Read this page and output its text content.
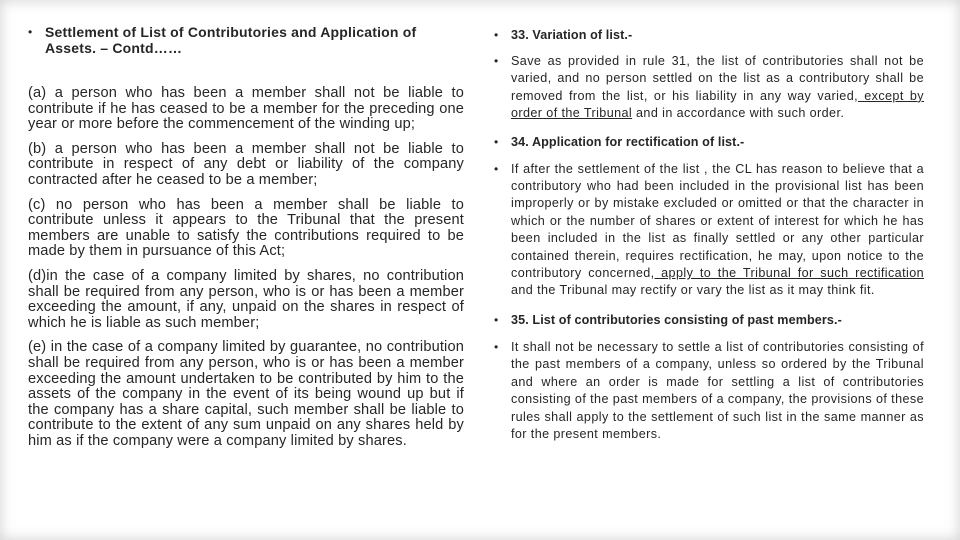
• Settlement of List of Contributories and Application of Assets. – Contd……

(a) a person who has been a member shall not be liable to contribute if he has ceased to be a member for the preceding one year or more before the commencement of the winding up;

(b) a person who has been a member shall not be liable to contribute in respect of any debt or liability of the company contracted after he ceased to be a member;

(c) no person who has been a member shall be liable to contribute unless it appears to the Tribunal that the present members are unable to satisfy the contributions required to be made by them in pursuance of this Act;

(d)in the case of a company limited by shares, no contribution shall be required from any person, who is or has been a member exceeding the amount, if any, unpaid on the shares in respect of which he is liable as such member;

(e) in the case of a company limited by guarantee, no contribution shall be required from any person, who is or has been a member exceeding the amount undertaken to be contributed by him to the assets of the company in the event of its being wound up but if the company has a share capital, such member shall be liable to contribute to the extent of any sum unpaid on any shares held by him as if the company were a company limited by shares.

• 33. Variation of list.-
• Save as provided in rule 31, the list of contributories shall not be varied, and no person settled on the list as a contributory shall be removed from the list, or his liability in any way varied, except by order of the Tribunal and in accordance with such order.

• 34. Application for rectification of list.-
• If after the settlement of the list , the CL has reason to believe that a contributory who had been included in the provisional list has been improperly or by mistake excluded or omitted or that the character in which or the number of shares or extent of interest for which he has been included in the list as finally settled or any other particular contained therein, requires rectification, he may, upon notice to the contributory concerned, apply to the Tribunal for such rectification and the Tribunal may rectify or vary the list as it may think fit.

• 35. List of contributories consisting of past members.-
• It shall not be necessary to settle a list of contributories consisting of the past members of a company, unless so ordered by the Tribunal and where an order is made for settling a list of contributories consisting of the past members of a company, the provisions of these rules shall apply to the settlement of such list in the same manner as for the present members.
